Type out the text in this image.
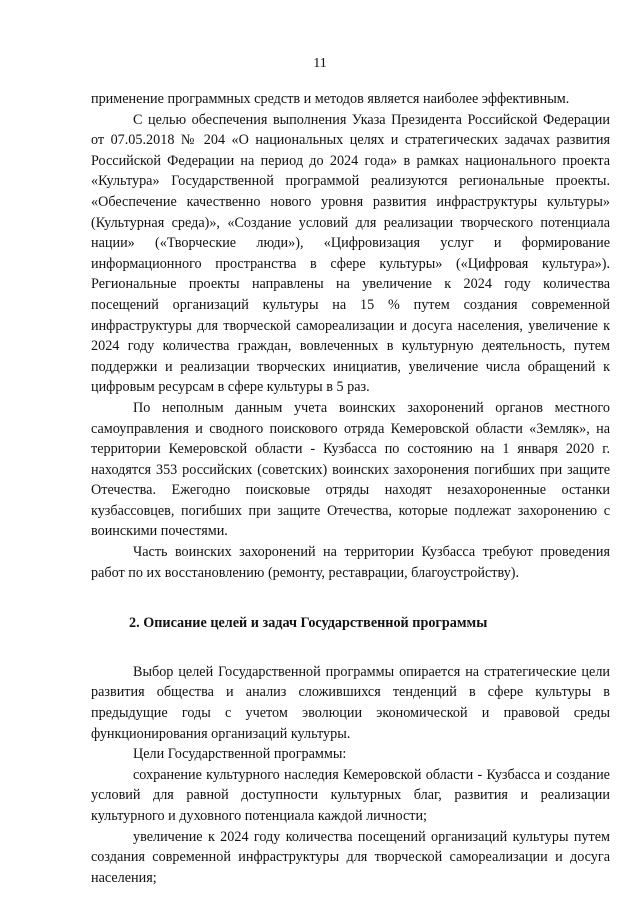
11

применение программных средств и методов является наиболее эффективным.

С целью обеспечения выполнения Указа Президента Российской Федерации от 07.05.2018 № 204 «О национальных целях и стратегических задачах развития Российской Федерации на период до 2024 года» в рамках национального проекта «Культура» Государственной программой реализуются региональные проекты. «Обеспечение качественно нового уровня развития инфраструктуры культуры» (Культурная среда)», «Создание условий для реализации творческого потенциала нации» («Творческие люди»), «Цифровизация услуг и формирование информационного пространства в сфере культуры» («Цифровая культура»). Региональные проекты направлены на увеличение к 2024 году количества посещений организаций культуры на 15 % путем создания современной инфраструктуры для творческой самореализации и досуга населения, увеличение к 2024 году количества граждан, вовлеченных в культурную деятельность, путем поддержки и реализации творческих инициатив, увеличение числа обращений к цифровым ресурсам в сфере культуры в 5 раз.

По неполным данным учета воинских захоронений органов местного самоуправления и сводного поискового отряда Кемеровской области «Земляк», на территории Кемеровской области - Кузбасса по состоянию на 1 января 2020 г. находятся 353 российских (советских) воинских захоронения погибших при защите Отечества. Ежегодно поисковые отряды находят незахороненные останки кузбассовцев, погибших при защите Отечества, которые подлежат захоронению с воинскими почестями.

Часть воинских захоронений на территории Кузбасса требуют проведения работ по их восстановлению (ремонту, реставрации, благоустройству).

2. Описание целей и задач Государственной программы

Выбор целей Государственной программы опирается на стратегические цели развития общества и анализ сложившихся тенденций в сфере культуры в предыдущие годы с учетом эволюции экономической и правовой среды функционирования организаций культуры.

Цели Государственной программы:

сохранение культурного наследия Кемеровской области - Кузбасса и создание условий для равной доступности культурных благ, развития и реализации культурного и духовного потенциала каждой личности;

увеличение к 2024 году количества посещений организаций культуры путем создания современной инфраструктуры для творческой самореализации и досуга населения;
